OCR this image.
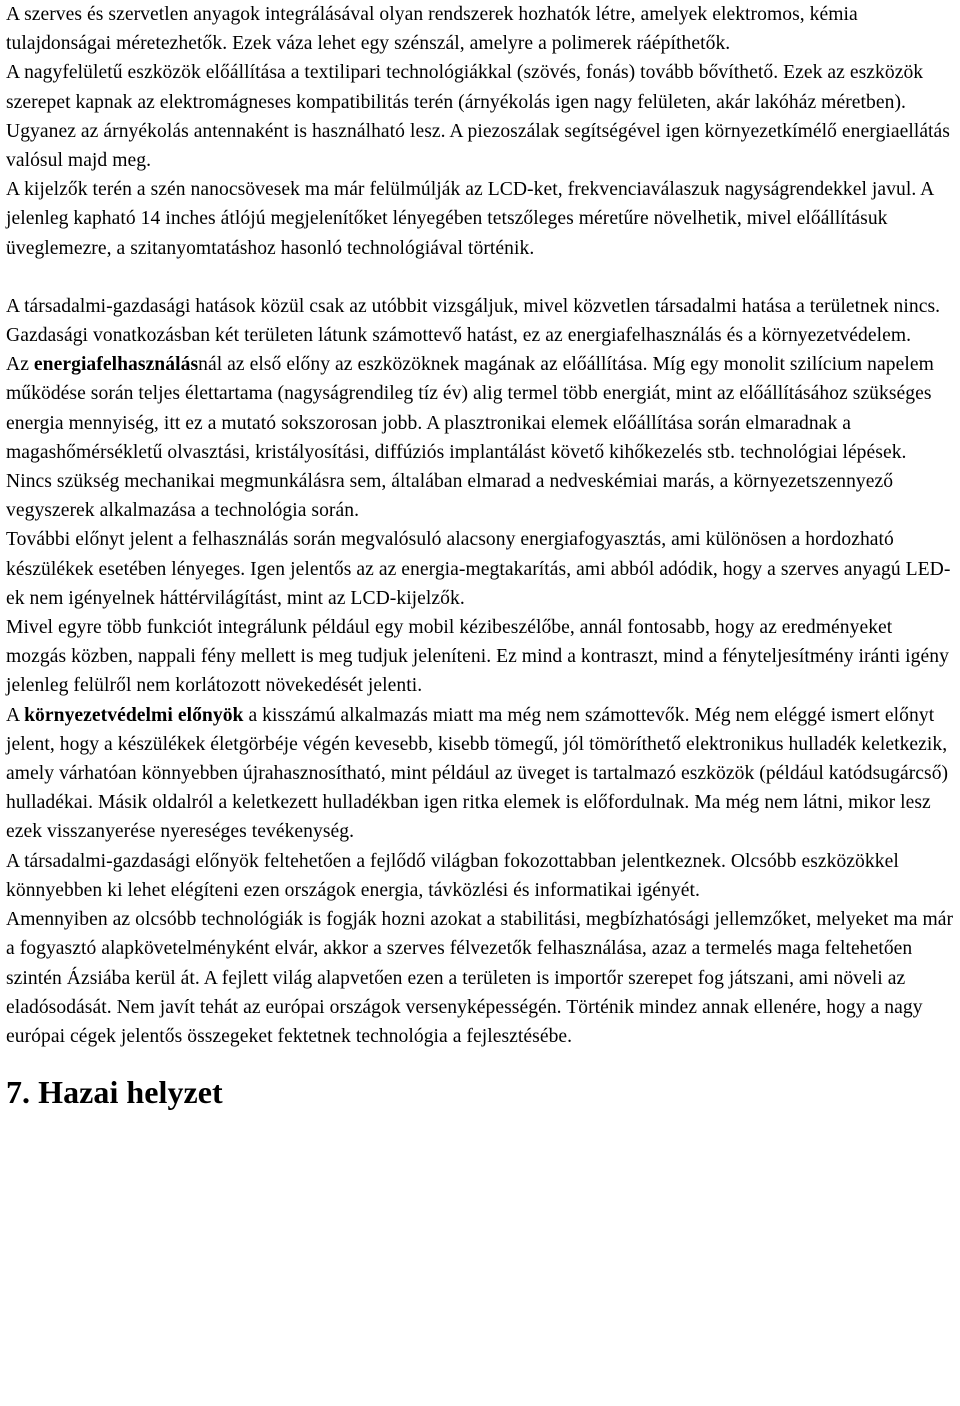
A szerves és szervetlen anyagok integrálásával olyan rendszerek hozhatók létre, amelyek elektromos, kémia tulajdonságai méretezhetők. Ezek váza lehet egy szénszál, amelyre a polimerek ráépíthetők.

A nagyfelületű eszközök előállítása a textilipari technológiákkal (szövés, fonás) tovább bővíthető. Ezek az eszközök szerepet kapnak az elektromágneses kompatibilitás terén (árnyékolás igen nagy felületen, akár lakóház méretben). Ugyanez az árnyékolás antennaként is használható lesz. A piezoszálak segítségével igen környezetkímélő energiaellátás valósul majd meg.

A kijelzők terén a szén nanocsövesek ma már felülmúlják az LCD-ket, frekvenciaválaszuk nagyságrendekkel javul. A jelenleg kapható 14 inches átlójú megjelenítőket lényegében tetszőleges méretűre növelhetik, mivel előállításuk üveglemezre, a szitanyomtatáshoz hasonló technológiával történik.

A társadalmi-gazdasági hatások közül csak az utóbbit vizsgáljuk, mivel közvetlen társadalmi hatása a területnek nincs. Gazdasági vonatkozásban két területen látunk számottevő hatást, ez az energiafelhasználás és a környezetvédelem.

Az energiafelhasználásnál az első előny az eszközöknek magának az előállítása. Míg egy monolit szilícium napelem működése során teljes élettartama (nagyságrendileg tíz év) alig termel több energiát, mint az előállításához szükséges energia mennyiség, itt ez a mutató sokszorosan jobb. A plasztronikai elemek előállítása során elmaradnak a magashőmérsékletű olvasztási, kristályosítási, diffúziós implantálást követő kihőkezelés stb. technológiai lépések. Nincs szükség mechanikai megmunkálásra sem, általában elmarad a nedveskémiai marás, a környezetszennyező vegyszerek alkalmazása a technológia során.

További előnyt jelent a felhasználás során megvalósuló alacsony energiafogyasztás, ami különösen a hordozható készülékek esetében lényeges. Igen jelentős az az energia-megtakarítás, ami abból adódik, hogy a szerves anyagú LED-ek nem igényelnek háttérvilágítást, mint az LCD-kijelzők.

Mivel egyre több funkciót integrálunk például egy mobil kézibeszélőbe, annál fontosabb, hogy az eredményeket mozgás közben, nappali fény mellett is meg tudjuk jeleníteni. Ez mind a kontraszt, mind a fényteljesítmény iránti igény jelenleg felülről nem korlátozott növekedését jelenti.

A környezetvédelmi előnyök a kisszámú alkalmazás miatt ma még nem számottevők. Még nem eléggé ismert előnyt jelent, hogy a készülékek életgörbéje végén kevesebb, kisebb tömegű, jól tömöríthető elektronikus hulladék keletkezik, amely várhatóan könnyebben újrahasznosítható, mint például az üveget is tartalmazó eszközök (például katódsugárcső) hulladékai. Másik oldalról a keletkezett hulladékban igen ritka elemek is előfordulnak. Ma még nem látni, mikor lesz ezek visszanyerése nyereséges tevékenység.

A társadalmi-gazdasági előnyök feltehetően a fejlődő világban fokozottabban jelentkeznek. Olcsóbb eszközökkel könnyebben ki lehet elégíteni ezen országok energia, távközlési és informatikai igényét.

Amennyiben az olcsóbb technológiák is fogják hozni azokat a stabilitási, megbízhatósági jellemzőket, melyeket ma már a fogyasztó alapkövetelményként elvár, akkor a szerves félvezetők felhasználása, azaz a termelés maga feltehetően szintén Ázsiába kerül át. A fejlett világ alapvetően ezen a területen is importőr szerepet fog játszani, ami növeli az eladósodását. Nem javít tehát az európai országok versenyképességén. Történik mindez annak ellenére, hogy a nagy európai cégek jelentős összegeket fektetnek technológia a fejlesztésébe.

7. Hazai helyzet
